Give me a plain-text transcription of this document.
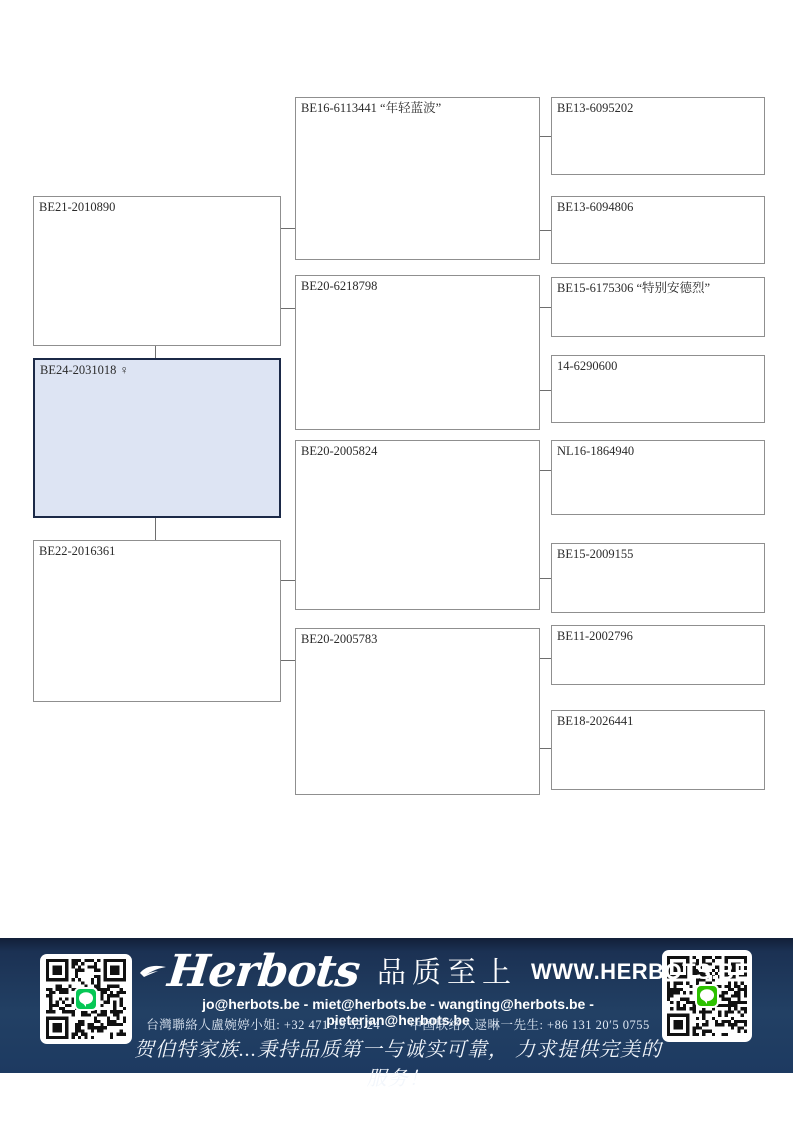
BE21-2010890
BE24-2031018 ♀
BE22-2016361
BE16-6113441 “年轻蓝波”
BE20-6218798
BE20-2005824
BE20-2005783
BE13-6095202
BE13-6094806
BE15-6175306 “特别安德烈”
14-6290600
NL16-1864940
BE15-2009155
BE11-2002796
BE18-2026441
Herbots 品质至上 WWW.HERBOTS.BE
jo@herbots.be - miet@herbots.be - wangting@herbots.be - pieterjan@herbots.be
台灣聯絡人盧婉婷小姐: +32 471 19 55 24 中国联络人逯晽一先生: +86 131 20′5 0755
贺伯特家族...秉持品质第一与诚实可靠， 力求提供完美的服务！
